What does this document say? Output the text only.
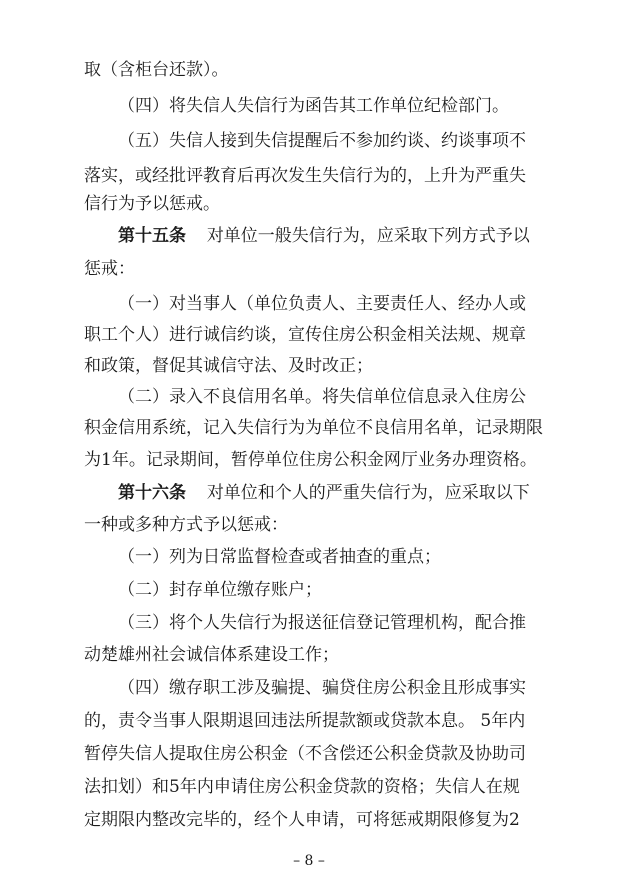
取（含柜台还款）。
（四）将失信人失信行为函告其工作单位纪检部门。
（五）失信人接到失信提醒后不参加约谈、约谈事项不
落实，或经批评教育后再次发生失信行为的，上升为严重失
信行为予以惩戒。
第十五条 对单位一般失信行为，应采取下列方式予以
惩戒：
（一）对当事人（单位负责人、主要责任人、经办人或
职工个人）进行诚信约谈，宣传住房公积金相关法规、规章
和政策，督促其诚信守法、及时改正；
（二）录入不良信用名单。将失信单位信息录入住房公
积金信用系统，记入失信行为为单位不良信用名单，记录期限
为1年。记录期间，暂停单位住房公积金网厅业务办理资格。
第十六条 对单位和个人的严重失信行为，应采取以下
一种或多种方式予以惩戒：
（一）列为日常监督检查或者抽查的重点；
（二）封存单位缴存账户；
（三）将个人失信行为报送征信登记管理机构，配合推
动楚雄州社会诚信体系建设工作；
（四）缴存职工涉及骗提、骗贷住房公积金且形成事实
的，责令当事人限期退回违法所提款额或贷款本息。 5年内
暂停失信人提取住房公积金（不含偿还公积金贷款及协助司
法扣划）和5年内申请住房公积金贷款的资格；失信人在规
定期限内整改完毕的，经个人申请，可将惩戒期限修复为2
– 8 –
